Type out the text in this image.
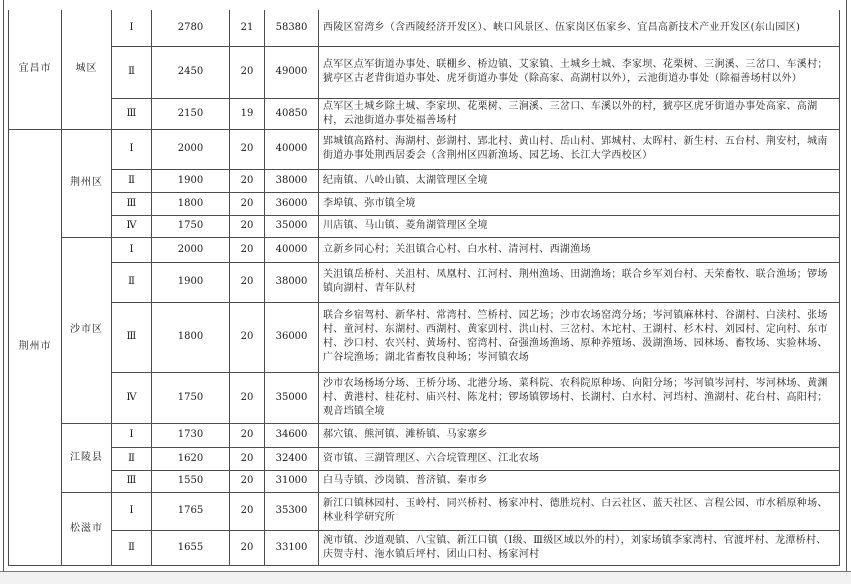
宜昌市	城区	Ⅰ	2780	21	58380	西陵区窑湾乡（含西陵经济开发区）、峡口风景区、伍家岗区伍家乡、宜昌高新技术产业开发区(东山园区)
		Ⅱ	2450	20	49000	点军区点军街道办事处、联棚乡、桥边镇、艾家镇、土城乡土城、李家坝、花栗树、三涧溪、三岔口、车溪村；猇亭区古老背街道办事处、虎牙街道办事处（除高家、高湖村以外），云池街道办事处（除福善场村以外）
		Ⅲ	2150	19	40850	点军区土城乡除土城、李家坝、花栗树、三涧溪、三岔口、车溪以外的村，猇亭区虎牙街道办事处高家、高湖村，云池街道办事处福善场村
荆州市	荆州区	Ⅰ	2000	20	40000	郢城镇高路村、海湖村、彭湖村、郢北村、黄山村、岳山村、郢城村、太晖村、新生村、五台村、荆安村，城南街道办事处荆西居委会（含荆州区四新渔场、园艺场、长江大学西校区）
		Ⅱ	1900	20	38000	纪南镇、八岭山镇、太湖管理区全境
		Ⅲ	1800	20	36000	李埠镇、弥市镇全境
		Ⅳ	1750	20	35000	川店镇、马山镇、菱角湖管理区全境
	沙市区	Ⅰ	2000	20	40000	立新乡同心村；关沮镇合心村、白水村、清河村、西湖渔场
		Ⅱ	1900	20	38000	关沮镇岳桥村、关沮村、凤凰村、江河村、荆州渔场、田湖渔场；联合乡军刘台村、天荣畜牧、联合渔场；锣场镇向湖村、青年队村
		Ⅲ	1800	20	36000	联合乡宿驾村、新华村、常湾村、竺桥村、园艺场；沙市农场窑湾分场；岑河镇麻林村、谷湖村、白渎村、张场村、童河村、东湖村、西湖村、黄家剅村、洪山村、三岔村、木坨村、王湖村、杉木村、刘园村、定向村、东市村、沙口村、农兴村、黄场村、窑湾村、奋强渔场渔场、原种养殖场、汲湖渔场、园林场、畜牧场、实验林场、广谷垸渔场；湖北省畜牧良种场；岑河镇农场
		Ⅳ	1750	20	35000	沙市农场杨场分场、王桥分场、北港分场、菜科院、农科院原种场、向阳分场；岑河镇岑河村、岑河林场、黄渊村、黄港村、桂花村、庙兴村、陈龙村；锣场镇锣场村、长湖村、白水村、河垱村、渔湖村、花台村、高阳村；观音垱镇全境
	江陵县	Ⅰ	1730	20	34600	郝穴镇、熊河镇、滩桥镇、马家寨乡
		Ⅱ	1620	20	32400	资市镇、三湖管理区、六合垸管理区、江北农场
		Ⅲ	1550	20	31000	白马寺镇、沙岗镇、普济镇、秦市乡
	松滋市	Ⅰ	1765	20	35300	新江口镇林园村、玉岭村、同兴桥村、杨家冲村、德胜垸村、白云社区、蓝天社区、言程公园、市水稻原种场、林业科学研究所
		Ⅱ	1655	20	33100	涴市镇、沙道观镇、八宝镇、新江口镇（Ⅰ级、Ⅲ级区域以外的村），刘家场镇李家湾村、官渡坪村、龙潭桥村、庆贺寺村、沲水镇后坪村、团山口村、杨家河村
